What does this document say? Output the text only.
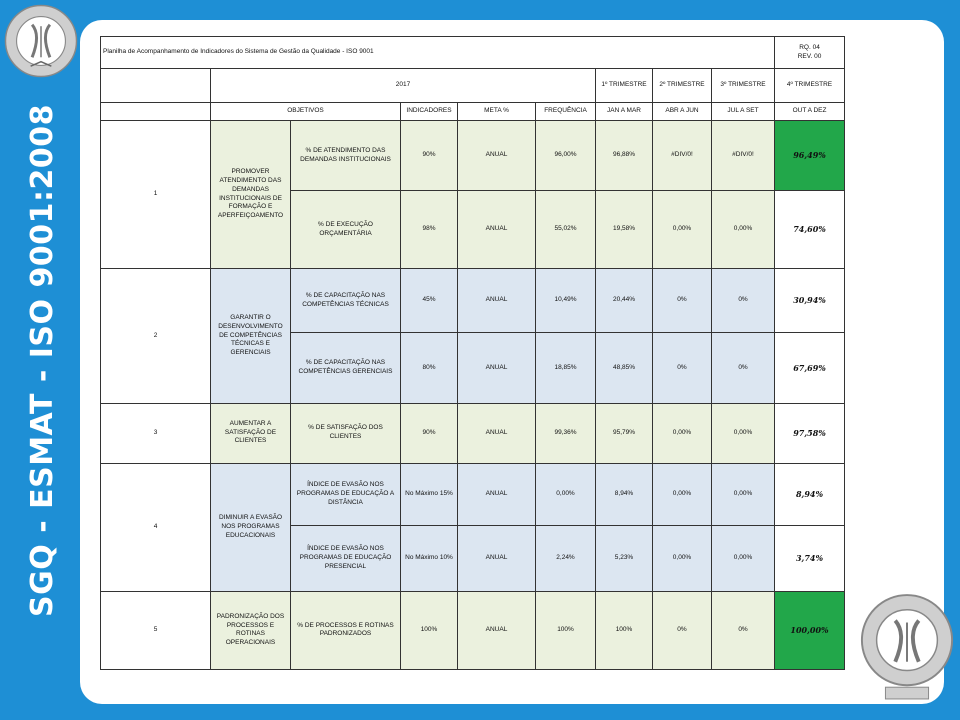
SGQ - ESMAT - ISO 9001:2008
Planilha de Acompanhamento de Indicadores do Sistema de Gestão da Qualidade - ISO 9001									RQ. 04
REV. 00	

	2017					1º TRIMESTRE	2º TRIMESTRE	3º TRIMESTRE	4º TRIMESTRE	
	OBJETIVOS		INDICADORES	META %	FREQUÊNCIA	JAN A MAR	ABR A JUN	JUL A SET	OUT A DEZ	
1	PROMOVER ATENDIMENTO DAS DEMANDAS INSTITUCIONAIS DE FORMAÇÃO E APERFEIÇOAMENTO	% DE ATENDIMENTO DAS DEMANDAS INSTITUCIONAIS	90%	ANUAL	96,00%	96,88%	#DIV/0!	#DIV/0!	96,49%	
		% DE EXECUÇÃO ORÇAMENTÁRIA	98%	ANUAL	55,02%	19,58%	0,00%	0,00%	74,60%	
2	GARANTIR O DESENVOLVIMENTO DE COMPETÊNCIAS TÉCNICAS E GERENCIAIS	% DE CAPACITAÇÃO NAS COMPETÊNCIAS TÉCNICAS	45%	ANUAL	10,49%	20,44%	0%	0%	30,94%	
		% DE CAPACITAÇÃO NAS COMPETÊNCIAS GERENCIAIS	80%	ANUAL	18,85%	48,85%	0%	0%	67,69%	
3	AUMENTAR A SATISFAÇÃO DE CLIENTES	% DE SATISFAÇÃO DOS CLIENTES	90%	ANUAL	99,36%	95,79%	0,00%	0,00%	97,58%	
4	DIMINUIR A EVASÃO NOS PROGRAMAS EDUCACIONAIS	ÍNDICE DE EVASÃO NOS PROGRAMAS DE EDUCAÇÃO A DISTÂNCIA	No Máximo 15%	ANUAL	0,00%	8,94%	0,00%	0,00%	8,94%	
		ÍNDICE DE EVASÃO NOS PROGRAMAS DE EDUCAÇÃO PRESENCIAL	No Máximo 10%	ANUAL	2,24%	5,23%	0,00%	0,00%	3,74%	
5	PADRONIZAÇÃO DOS PROCESSOS E ROTINAS OPERACIONAIS	% DE PROCESSOS E ROTINAS PADRONIZADOS	100%	ANUAL	100%	100%	0%	0%	100,00%	
